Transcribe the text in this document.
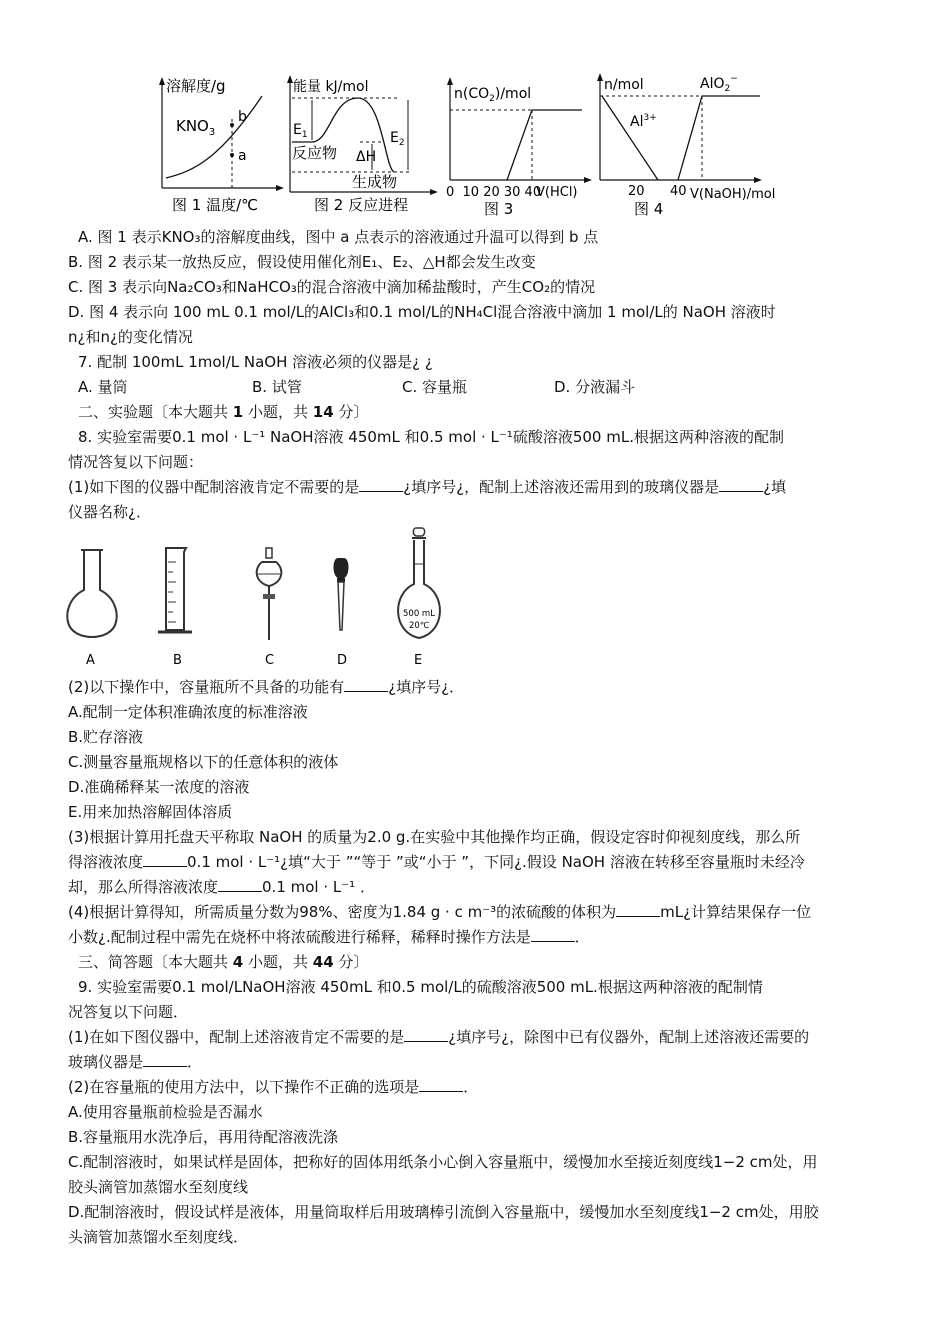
溶解度/g
$KNO_3$
b
a
图 1 温度/℃
$E_1$	$E_2$
能量 kJ/mol
反应物 ΔH
生成物
图 2 反应进程
$n(CO_2)$/mol
0  10 20 30 40
V(HCl)
图 3
n/mol	AlO$_2$−
$Al^{3+}$
20 40 V(NaOH)/mol
图 4
A. 图 1 表示KNO₃的溶解度曲线，图中 a 点表示的溶液通过升温可以得到 b 点
B. 图 2 表示某一放热反应，假设使用催化剂E₁、E₂、△H都会发生改变
C. 图 3 表示向Na₂CO₃和NaHCO₃的混合溶液中滴加稀盐酸时，产生CO₂的情况
D. 图 4 表示向 100 mL 0.1 mol/L的AlCl₃和0.1 mol/L的NH₄Cl混合溶液中滴加 1 mol/L的 NaOH 溶液时
n¿和n¿的变化情况
7. 配制 100mL 1mol/L NaOH 溶液必须的仪器是¿ ¿
A. 量筒	B. 试管	C. 容量瓶	D. 分液漏斗
二、实验题〔本大题共 1 小题，共 14 分〕
8. 实验室需要0.1 mol · L⁻¹ NaOH溶液 450mL 和0.5 mol · L⁻¹硫酸溶液500 mL.根据这两种溶液的配制
情况答复以下问题：
(1)如下图的仪器中配制溶液肯定不需要的是	¿填序号¿，配制上述溶液还需用到的玻璃仪器是	¿填
仪器名称¿．
500 mL
20℃
A	B	C	D	E
(2)以下操作中，容量瓶所不具备的功能有	¿填序号¿．
A.配制一定体积准确浓度的标准溶液
B.贮存溶液
C.测量容量瓶规格以下的任意体积的液体
D.准确稀释某一浓度的溶液
E.用来加热溶解固体溶质
(3)根据计算用托盘天平称取 NaOH 的质量为2.0 g.在实验中其他操作均正确，假设定容时仰视刻度线，那么所
得溶液浓度	0.1 mol · L⁻¹¿填“大于 ”“等于 ”或“小于 ”，下同¿.假设 NaOH 溶液在转移至容量瓶时未经冷
却，那么所得溶液浓度	0.1 mol · L⁻¹ ．
(4)根据计算得知，所需质量分数为98%、密度为1.84 g · c m⁻³的浓硫酸的体积为	mL¿计算结果保存一位
小数¿.配制过程中需先在烧杯中将浓硫酸进行稀释，稀释时操作方法是	．
三、简答题〔本大题共 4 小题，共 44 分〕
9. 实验室需要0.1 mol/LNaOH溶液 450mL 和0.5 mol/L的硫酸溶液500 mL.根据这两种溶液的配制情
况答复以下问题．
(1)在如下图仪器中，配制上述溶液肯定不需要的是	¿填序号¿，除图中已有仪器外，配制上述溶液还需要的
玻璃仪器是	．
(2)在容量瓶的使用方法中，以下操作不正确的选项是	．
A.使用容量瓶前检验是否漏水
B.容量瓶用水洗净后，再用待配溶液洗涤
C.配制溶液时，如果试样是固体，把称好的固体用纸条小心倒入容量瓶中，缓慢加水至接近刻度线1−2 cm处，用
胶头滴管加蒸馏水至刻度线
D.配制溶液时，假设试样是液体，用量筒取样后用玻璃棒引流倒入容量瓶中，缓慢加水至刻度线1−2 cm处，用胶
头滴管加蒸馏水至刻度线．
